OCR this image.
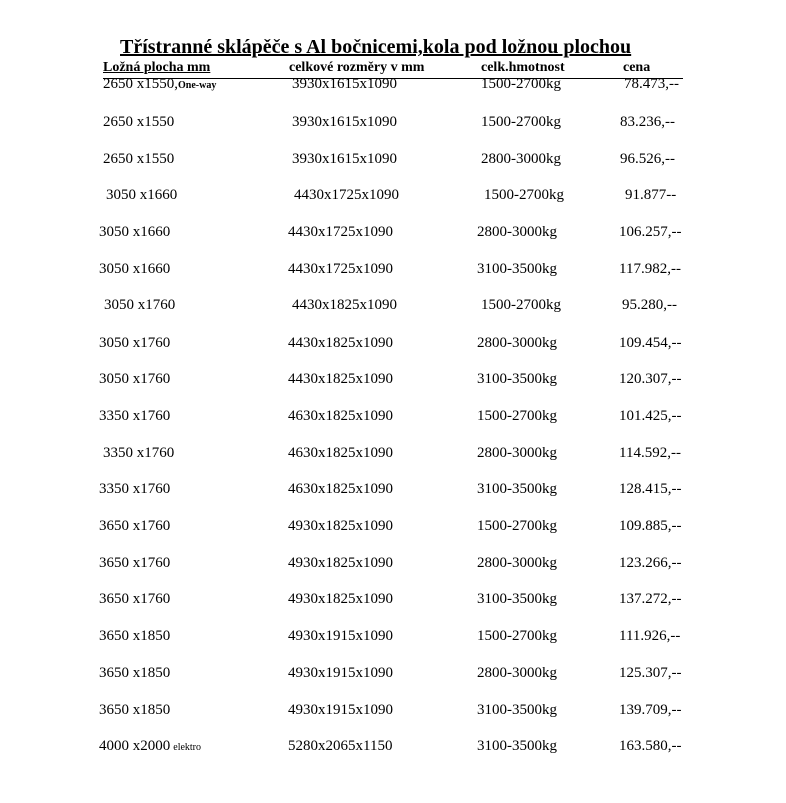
Třístranné sklápěče s Al bočnicemi,kola pod ložnou plochou
Ložná plocha mm	celkové rozměry v mm	celk.hmotnost	cena
2650 x1550,One-way	3930x1615x1090	1500-2700kg	78.473,--
2650 x1550	3930x1615x1090	1500-2700kg	83.236,--
2650 x1550	3930x1615x1090	2800-3000kg	96.526,--
3050 x1660	4430x1725x1090	1500-2700kg	91.877--
3050 x1660	4430x1725x1090	2800-3000kg	106.257,--
3050 x1660	4430x1725x1090	3100-3500kg	117.982,--
3050 x1760	4430x1825x1090	1500-2700kg	95.280,--
3050 x1760	4430x1825x1090	2800-3000kg	109.454,--
3050 x1760	4430x1825x1090	3100-3500kg	120.307,--
3350 x1760	4630x1825x1090	1500-2700kg	101.425,--
3350 x1760	4630x1825x1090	2800-3000kg	114.592,--
3350 x1760	4630x1825x1090	3100-3500kg	128.415,--
3650 x1760	4930x1825x1090	1500-2700kg	109.885,--
3650 x1760	4930x1825x1090	2800-3000kg	123.266,--
3650 x1760	4930x1825x1090	3100-3500kg	137.272,--
3650 x1850	4930x1915x1090	1500-2700kg	111.926,--
3650 x1850	4930x1915x1090	2800-3000kg	125.307,--
3650 x1850	4930x1915x1090	3100-3500kg	139.709,--
4000 x2000 elektro	5280x2065x1150	3100-3500kg	163.580,--
